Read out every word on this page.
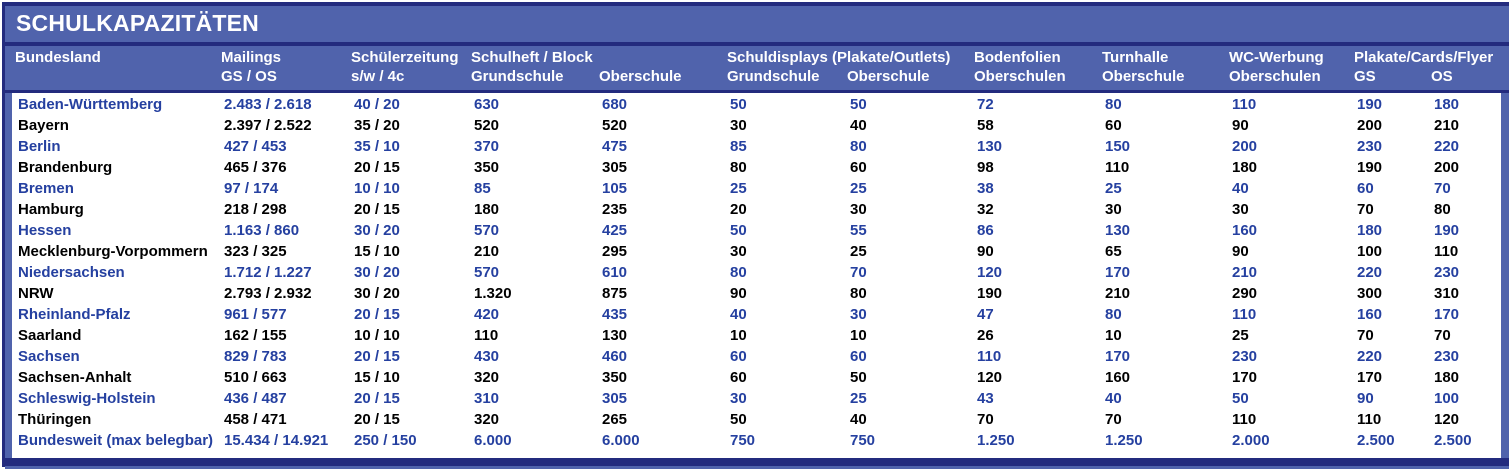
SCHULKAPAZITÄTEN
Bundesland	Mailings	Schülerzeitung Schulheft / Block	Schuldisplays (Plakate/Outlets)	Bodenfolien	Turnhalle	WC-Werbung	Plakate/Cards/Flyer
GS / OS	s/w / 4c	Grundschule	Oberschule	Grundschule	Oberschule	Oberschulen	Oberschule	Oberschulen	GS	OS
Baden-Württemberg	2.483 / 2.618	40 / 20	630	680	50	50	72	80	110	190	180
Bayern	2.397 / 2.522	35 / 20	520	520	30	40	58	60	90	200	210
Berlin	427 / 453	35 / 10	370	475	85	80	130	150	200	230	220
Brandenburg	465 / 376	20 / 15	350	305	80	60	98	110	180	190	200
Bremen	97 / 174	10 / 10	85	105	25	25	38	25	40	60	70
Hamburg	218 / 298	20 / 15	180	235	20	30	32	30	30	70	80
Hessen	1.163 / 860	30 / 20	570	425	50	55	86	130	160	180	190
Mecklenburg-Vorpommern	323 / 325	15 / 10	210	295	30	25	90	65	90	100	110
Niedersachsen	1.712 / 1.227	30 / 20	570	610	80	70	120	170	210	220	230
NRW	2.793 / 2.932	30 / 20	1.320	875	90	80	190	210	290	300	310
Rheinland-Pfalz	961 / 577	20 / 15	420	435	40	30	47	80	110	160	170
Saarland	162 / 155	10 / 10	110	130	10	10	26	10	25	70	70
Sachsen	829 / 783	20 / 15	430	460	60	60	110	170	230	220	230
Sachsen-Anhalt	510 / 663	15 / 10	320	350	60	50	120	160	170	170	180
Schleswig-Holstein	436 / 487	20 / 15	310	305	30	25	43	40	50	90	100
Thüringen	458 / 471	20 / 15	320	265	50	40	70	70	110	110	120
Bundesweit (max belegbar) 15.434 / 14.921	250 / 150	6.000	6.000	750	750	1.250	1.250	2.000	2.500	2.500
